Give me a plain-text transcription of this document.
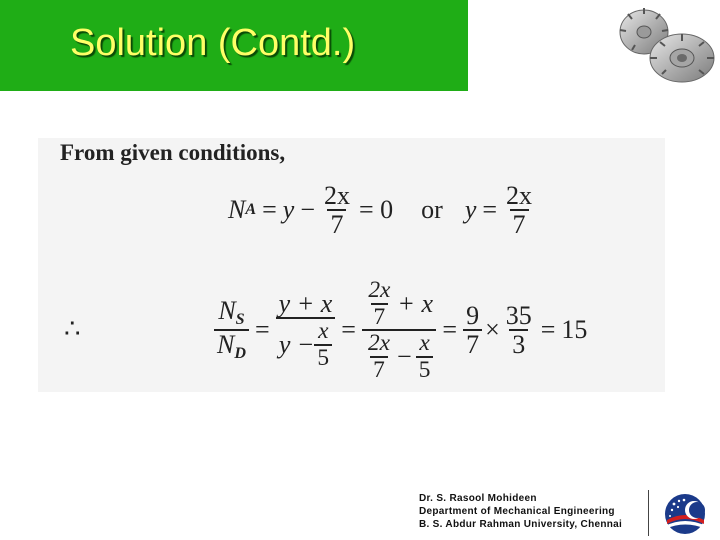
Solution (Contd.)
From given conditions,
N $A = y - \frac{2x}{7} = 0$	or $y = \frac{2x}{7}$
∴	$\frac{N_S}{N_D} = \frac{y + x}{y - \frac{x}{5}}$ =
$\frac{2x}{7} + x$
$\frac{2x}{7} - \frac{x}{5}$
= $\frac{9}{7} \times \frac{35}{3} = 15$
Dr. S. Rasool Mohideen
Department of Mechanical Engineering
B. S. Abdur Rahman University, Chennai
